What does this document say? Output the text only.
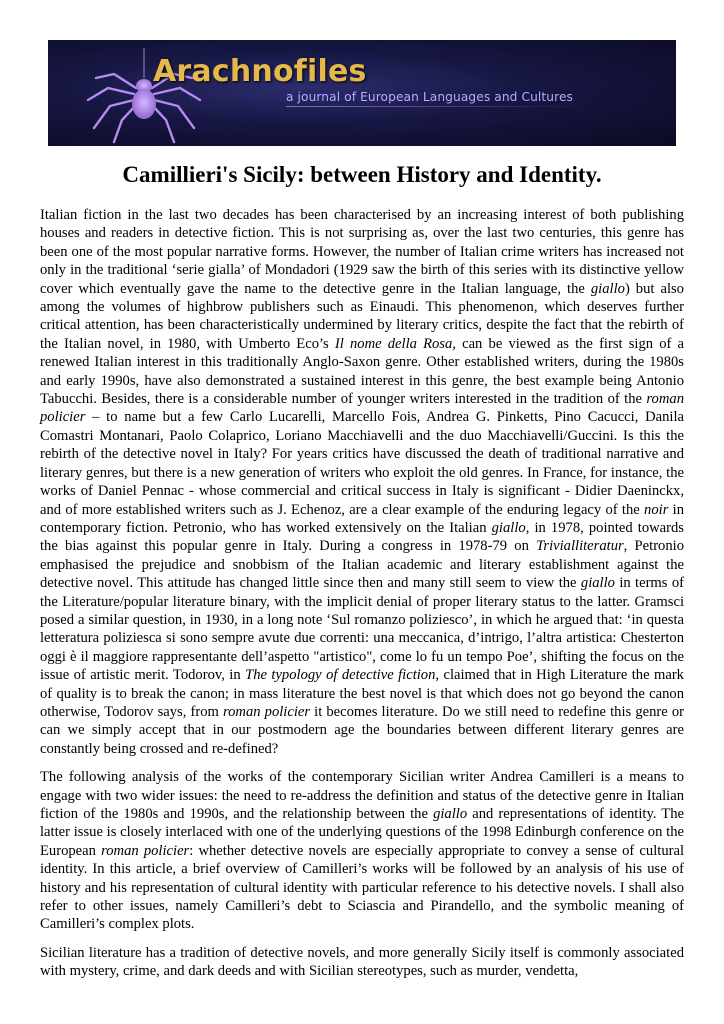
Arachnofiles
a journal of European Languages and Cultures
Camillieri's Sicily: between History and Identity.

Italian fiction in the last two decades has been characterised by an increasing interest of both publishing houses and readers in detective fiction. This is not surprising as, over the last two centuries, this genre has been one of the most popular narrative forms. However, the number of Italian crime writers has increased not only in the traditional ‘serie gialla’ of Mondadori (1929 saw the birth of this series with its distinctive yellow cover which eventually gave the name to the detective genre in the Italian language, the giallo) but also among the volumes of highbrow publishers such as Einaudi. This phenomenon, which deserves further critical attention, has been characteristically undermined by literary critics, despite the fact that the rebirth of the Italian novel, in 1980, with Umberto Eco’s Il nome della Rosa, can be viewed as the first sign of a renewed Italian interest in this traditionally Anglo-Saxon genre. Other established writers, during the 1980s and early 1990s, have also demonstrated a sustained interest in this genre, the best example being Antonio Tabucchi. Besides, there is a considerable number of younger writers interested in the tradition of the roman policier – to name but a few Carlo Lucarelli, Marcello Fois, Andrea G. Pinketts, Pino Cacucci, Danila Comastri Montanari, Paolo Colaprico, Loriano Macchiavelli and the duo Macchiavelli/Guccini. Is this the rebirth of the detective novel in Italy? For years critics have discussed the death of traditional narrative and literary genres, but there is a new generation of writers who exploit the old genres. In France, for instance, the works of Daniel Pennac - whose commercial and critical success in Italy is significant - Didier Daeninckx, and of more established writers such as J. Echenoz, are a clear example of the enduring legacy of the noir in contemporary fiction. Petronio, who has worked extensively on the Italian giallo, in 1978, pointed towards the bias against this popular genre in Italy. During a congress in 1978-79 on Trivialliteratur, Petronio emphasised the prejudice and snobbism of the Italian academic and literary establishment against the detective novel. This attitude has changed little since then and many still seem to view the giallo in terms of the Literature/popular literature binary, with the implicit denial of proper literary status to the latter. Gramsci posed a similar question, in 1930, in a long note ‘Sul romanzo poliziesco’, in which he argued that: ‘in questa letteratura poliziesca si sono sempre avute due correnti: una meccanica, d’intrigo, l’altra artistica: Chesterton oggi è il maggiore rappresentante dell’aspetto "artistico", come lo fu un tempo Poe’, shifting the focus on the issue of artistic merit. Todorov, in The typology of detective fiction, claimed that in High Literature the mark of quality is to break the canon; in mass literature the best novel is that which does not go beyond the canon otherwise, Todorov says, from roman policier it becomes literature. Do we still need to redefine this genre or can we simply accept that in our postmodern age the boundaries between different literary genres are constantly being crossed and re-defined?

The following analysis of the works of the contemporary Sicilian writer Andrea Camilleri is a means to engage with two wider issues: the need to re-address the definition and status of the detective genre in Italian fiction of the 1980s and 1990s, and the relationship between the giallo and representations of identity. The latter issue is closely interlaced with one of the underlying questions of the 1998 Edinburgh conference on the European roman policier: whether detective novels are especially appropriate to convey a sense of cultural identity. In this article, a brief overview of Camilleri’s works will be followed by an analysis of his use of history and his representation of cultural identity with particular reference to his detective novels. I shall also refer to other issues, namely Camilleri’s debt to Sciascia and Pirandello, and the symbolic meaning of Camilleri’s complex plots.

Sicilian literature has a tradition of detective novels, and more generally Sicily itself is commonly associated with mystery, crime, and dark deeds and with Sicilian stereotypes, such as murder, vendetta,
